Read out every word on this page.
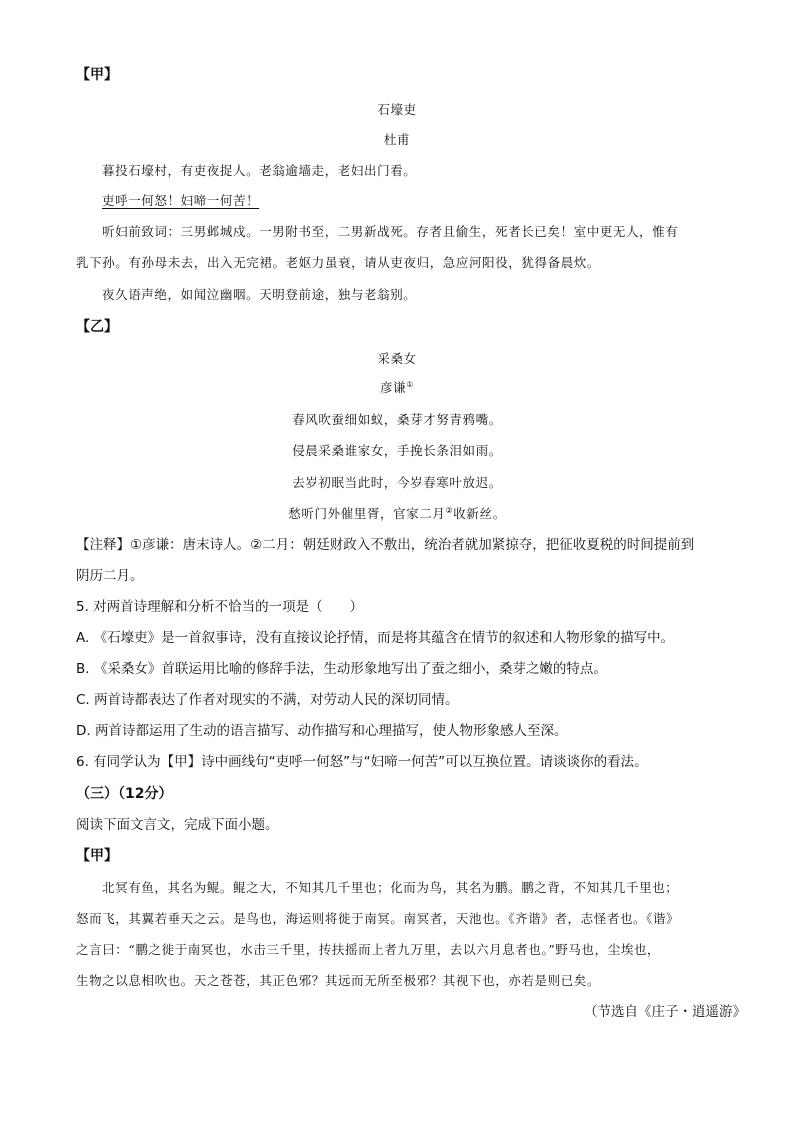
【甲】
石壕吏
杜甫
暮投石壕村，有吏夜捉人。老翁逾墙走，老妇出门看。
吏呼一何怒！妇啼一何苦！
听妇前致词：三男邺城戍。一男附书至，二男新战死。存者且偷生，死者长已矣！室中更无人，惟有
乳下孙。有孙母未去，出入无完裙。老妪力虽衰，请从吏夜归，急应河阳役，犹得备晨炊。
夜久语声绝，如闻泣幽咽。天明登前途，独与老翁别。
【乙】
采桑女
彦谦①
春风吹蚕细如蚁，桑芽才努青鸦嘴。
侵晨采桑谁家女，手挽长条泪如雨。
去岁初眠当此时，今岁春寒叶放迟。
愁听门外催里胥，官家二月②收新丝。
【注释】①彦谦：唐末诗人。②二月：朝廷财政入不敷出，统治者就加紧掠夺，把征收夏税的时间提前到
阴历二月。
5. 对两首诗理解和分析不恰当的一项是（　　）
A. 《石壕吏》是一首叙事诗，没有直接议论抒情，而是将其蕴含在情节的叙述和人物形象的描写中。
B. 《采桑女》首联运用比喻的修辞手法，生动形象地写出了蚕之细小，桑芽之嫩的特点。
C. 两首诗都表达了作者对现实的不满，对劳动人民的深切同情。
D. 两首诗都运用了生动的语言描写、动作描写和心理描写，使人物形象感人至深。
6. 有同学认为【甲】诗中画线句“吏呼一何怒”与“妇啼一何苦”可以互换位置。请谈谈你的看法。
（三）（12分）
阅读下面文言文，完成下面小题。
【甲】
北冥有鱼，其名为鲲。鲲之大，不知其几千里也；化而为鸟，其名为鹏。鹏之背，不知其几千里也；
怒而飞，其翼若垂天之云。是鸟也，海运则将徙于南冥。南冥者，天池也。《齐谐》者，志怪者也。《谐》
之言曰：“鹏之徙于南冥也，水击三千里，抟扶摇而上者九万里，去以六月息者也。”野马也，尘埃也，
生物之以息相吹也。天之苍苍，其正色邪？其远而无所至极邪？其视下也，亦若是则已矣。
（节选自《庄子・逍遥游》
